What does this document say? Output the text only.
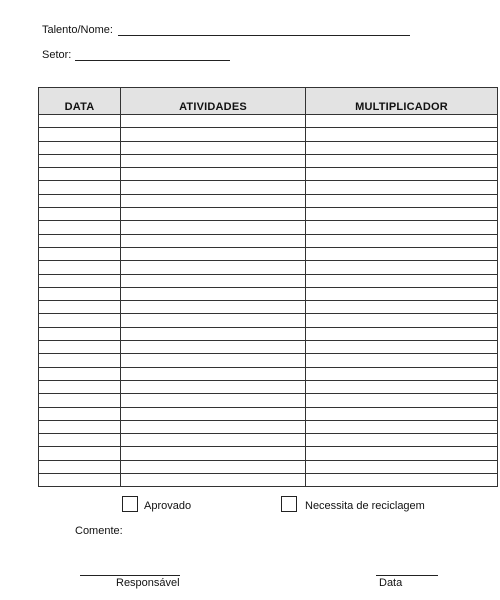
Talento/Nome:
Setor:
DATA	ATIVIDADES	MULTIPLICADOR

Aprovado	Necessita de reciclagem
Comente:
Responsável	Data
